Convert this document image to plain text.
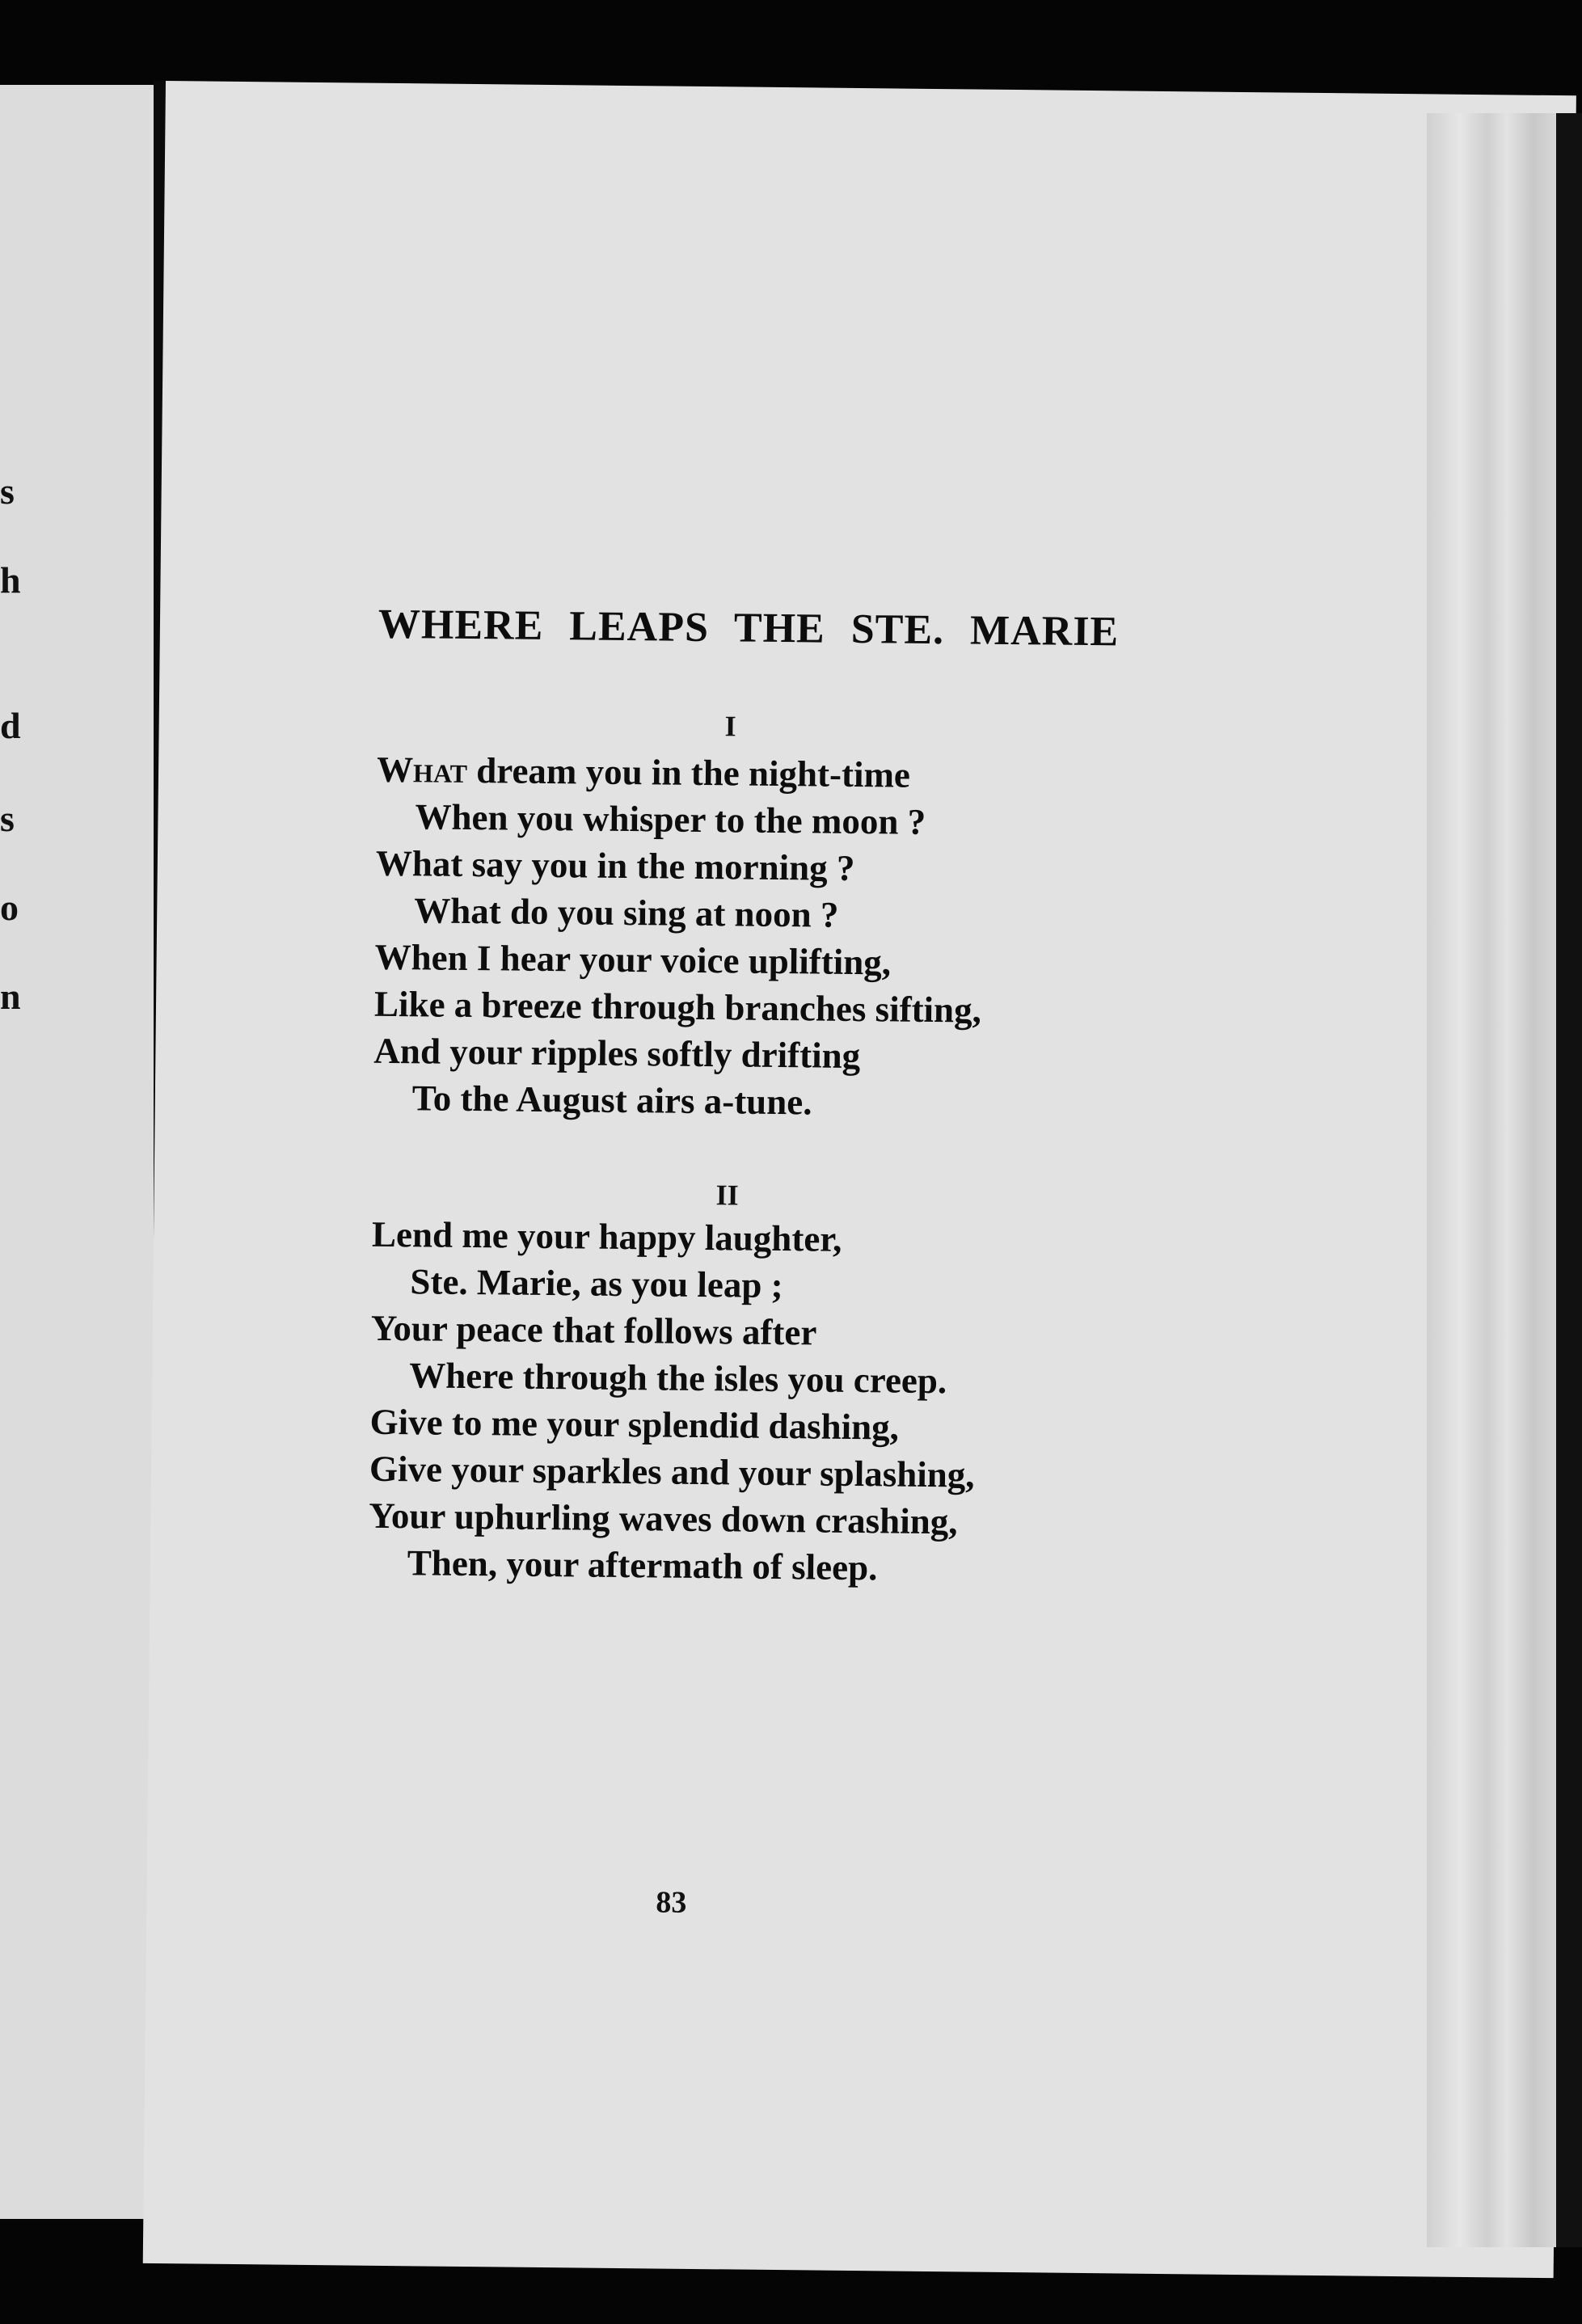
s
h
d
s
o
n
WHERE LEAPS THE STE. MARIE
I
What dream you in the night-time
When you whisper to the moon ?
What say you in the morning ?
What do you sing at noon ?
When I hear your voice uplifting,
Like a breeze through branches sifting,
And your ripples softly drifting
To the August airs a-tune.
II
Lend me your happy laughter,
Ste. Marie, as you leap ;
Your peace that follows after
Where through the isles you creep.
Give to me your splendid dashing,
Give your sparkles and your splashing,
Your uphurling waves down crashing,
Then, your aftermath of sleep.
83
